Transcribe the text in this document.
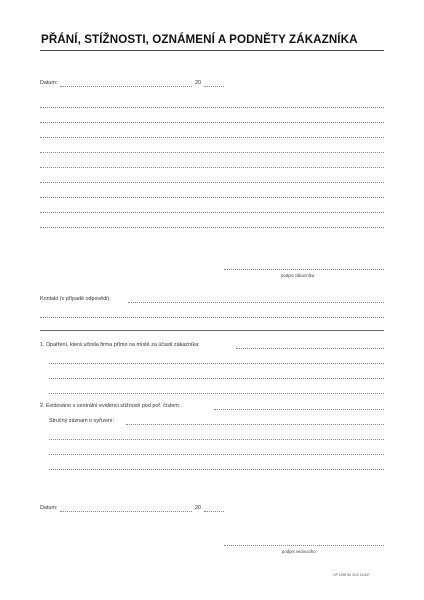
PŘÁNÍ, STÍŽNOSTI, OZNÁMENÍ A PODNĚTY ZÁKAZNÍKA
Datum:	20
podpis zákazníka
Kontakt (v případě odpovědi):
1. Opatření, která učinila firma přímo na místě za účasti zákazníka:
2. Evidováno v centrální evidenci stížností pod poř. číslem:
Stručný záznam o vyřízení:
Datum:	20
podpis vedoucího
OP 1258 Bc 3/10 11/447
